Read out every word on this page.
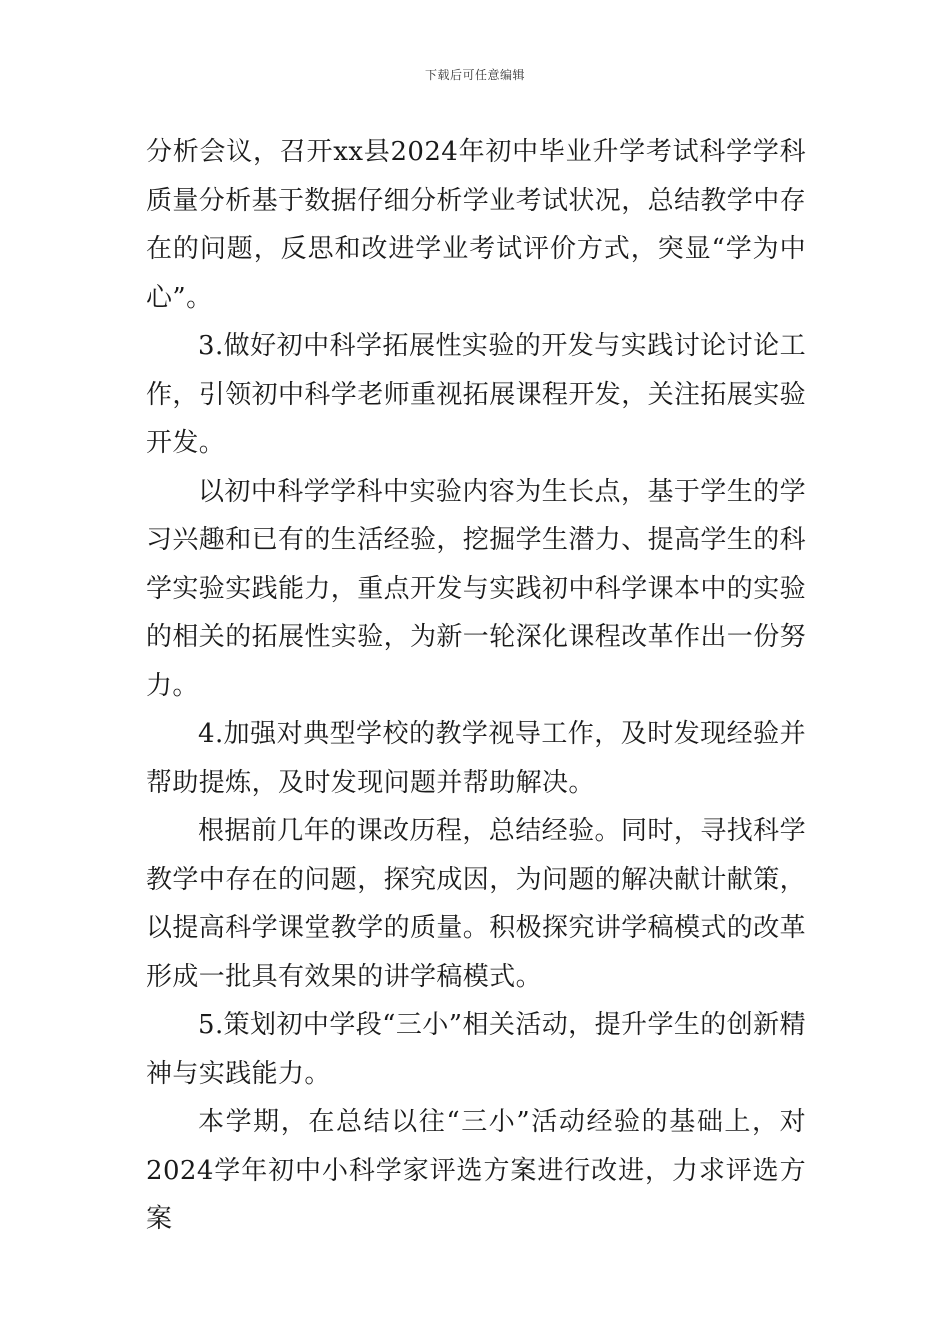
下载后可任意编辑

分析会议，召开xx县2024年初中毕业升学考试科学学科质量分析基于数据仔细分析学业考试状况，总结教学中存在的问题，反思和改进学业考试评价方式，突显“学为中心”。

3.做好初中科学拓展性实验的开发与实践讨论讨论工作，引领初中科学老师重视拓展课程开发，关注拓展实验开发。

以初中科学学科中实验内容为生长点，基于学生的学习兴趣和已有的生活经验，挖掘学生潜力、提高学生的科学实验实践能力，重点开发与实践初中科学课本中的实验的相关的拓展性实验，为新一轮深化课程改革作出一份努力。

4.加强对典型学校的教学视导工作，及时发现经验并帮助提炼，及时发现问题并帮助解决。

根据前几年的课改历程，总结经验。同时，寻找科学教学中存在的问题，探究成因，为问题的解决献计献策，以提高科学课堂教学的质量。积极探究讲学稿模式的改革形成一批具有效果的讲学稿模式。

5.策划初中学段“三小”相关活动，提升学生的创新精神与实践能力。

本学期，在总结以往“三小”活动经验的基础上，对2024学年初中小科学家评选方案进行改进，力求评选方案
